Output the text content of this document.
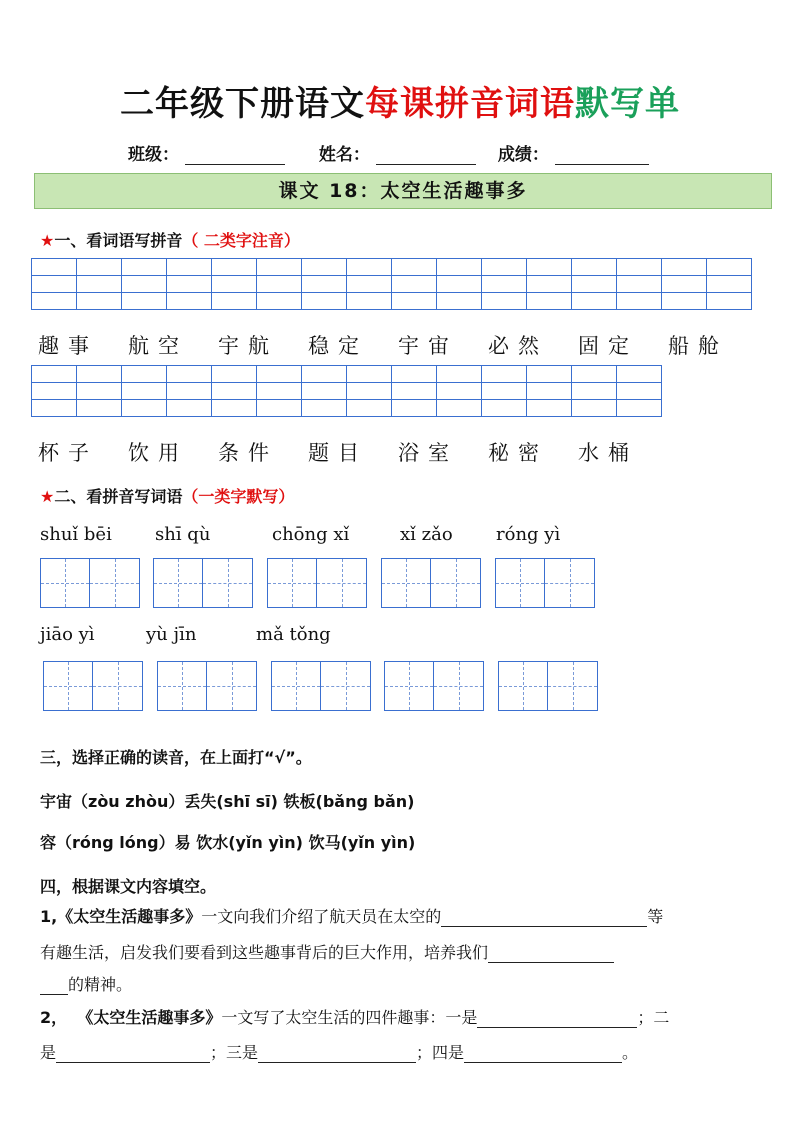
二年级下册语文每课拼音词语默写单
班级：	姓名：	成绩：
课文 18：太空生活趣事多
★一、看词语写拼音（ 二类字注音）

趣事　航空　宇航　稳定　宇宙　必然　固定　船舱

杯子　饮用　条件　题目　浴室　秘密　水桶
★二、看拼音写词语（一类字默写）
shuǐ bēi shī qù	chōng xǐ	xǐ zǎo róng yì
jiāo yì	yù jīn	mǎ tǒng
三，选择正确的读音，在上面打“√”。
宇宙（zòu zhòu）丢失(shī sī) 铁板(bǎng bǎn)
容（róng lóng）易 饮水(yǐn yìn) 饮马(yǐn yìn)
四，根据课文内容填空。
1,《太空生活趣事多》一文向我们介绍了航天员在太空的	等
有趣生活，启发我们要看到这些趣事背后的巨大作用，培养我们
的精神。
2， 《太空生活趣事多》一文写了太空生活的四件趣事：一是	；二
是	；三是	；四是	。
